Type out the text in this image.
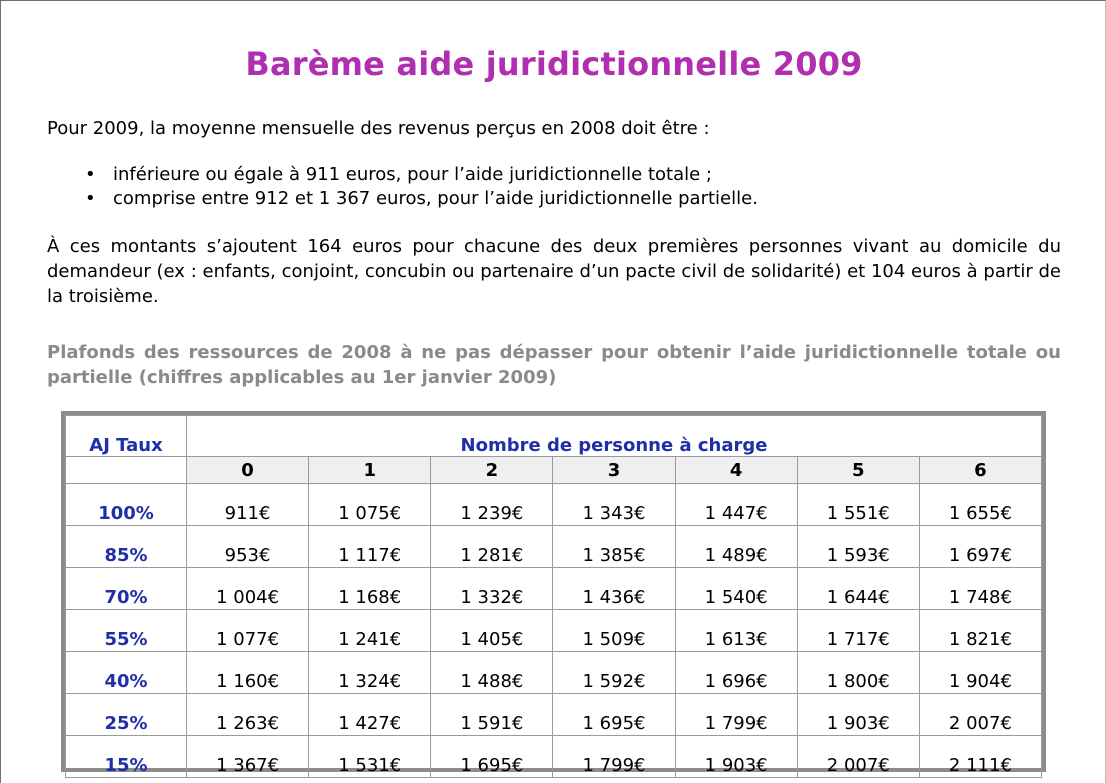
Barème aide juridictionnelle 2009
Pour 2009, la moyenne mensuelle des revenus perçus en 2008 doit être :
• inférieure ou égale à 911 euros, pour l’aide juridictionnelle totale ;
• comprise entre 912 et 1 367 euros, pour l’aide juridictionnelle partielle.
À ces montants s’ajoutent 164 euros pour chacune des deux premières personnes vivant au domicile du demandeur (ex : enfants, conjoint, concubin ou partenaire d’un pacte civil de solidarité) et 104 euros à partir de la troisième.
Plafonds des ressources de 2008 à ne pas dépasser pour obtenir l’aide juridictionnelle totale ou partielle (chiffres applicables au 1er janvier 2009)
AJ Taux	Nombre de personne à charge						
	0	1	2	3	4	5	6
100%	911€	1 075€	1 239€	1 343€	1 447€	1 551€	1 655€
85%	953€	1 117€	1 281€	1 385€	1 489€	1 593€	1 697€
70%	1 004€	1 168€	1 332€	1 436€	1 540€	1 644€	1 748€
55%	1 077€	1 241€	1 405€	1 509€	1 613€	1 717€	1 821€
40%	1 160€	1 324€	1 488€	1 592€	1 696€	1 800€	1 904€
25%	1 263€	1 427€	1 591€	1 695€	1 799€	1 903€	2 007€
15%	1 367€	1 531€	1 695€	1 799€	1 903€	2 007€	2 111€
